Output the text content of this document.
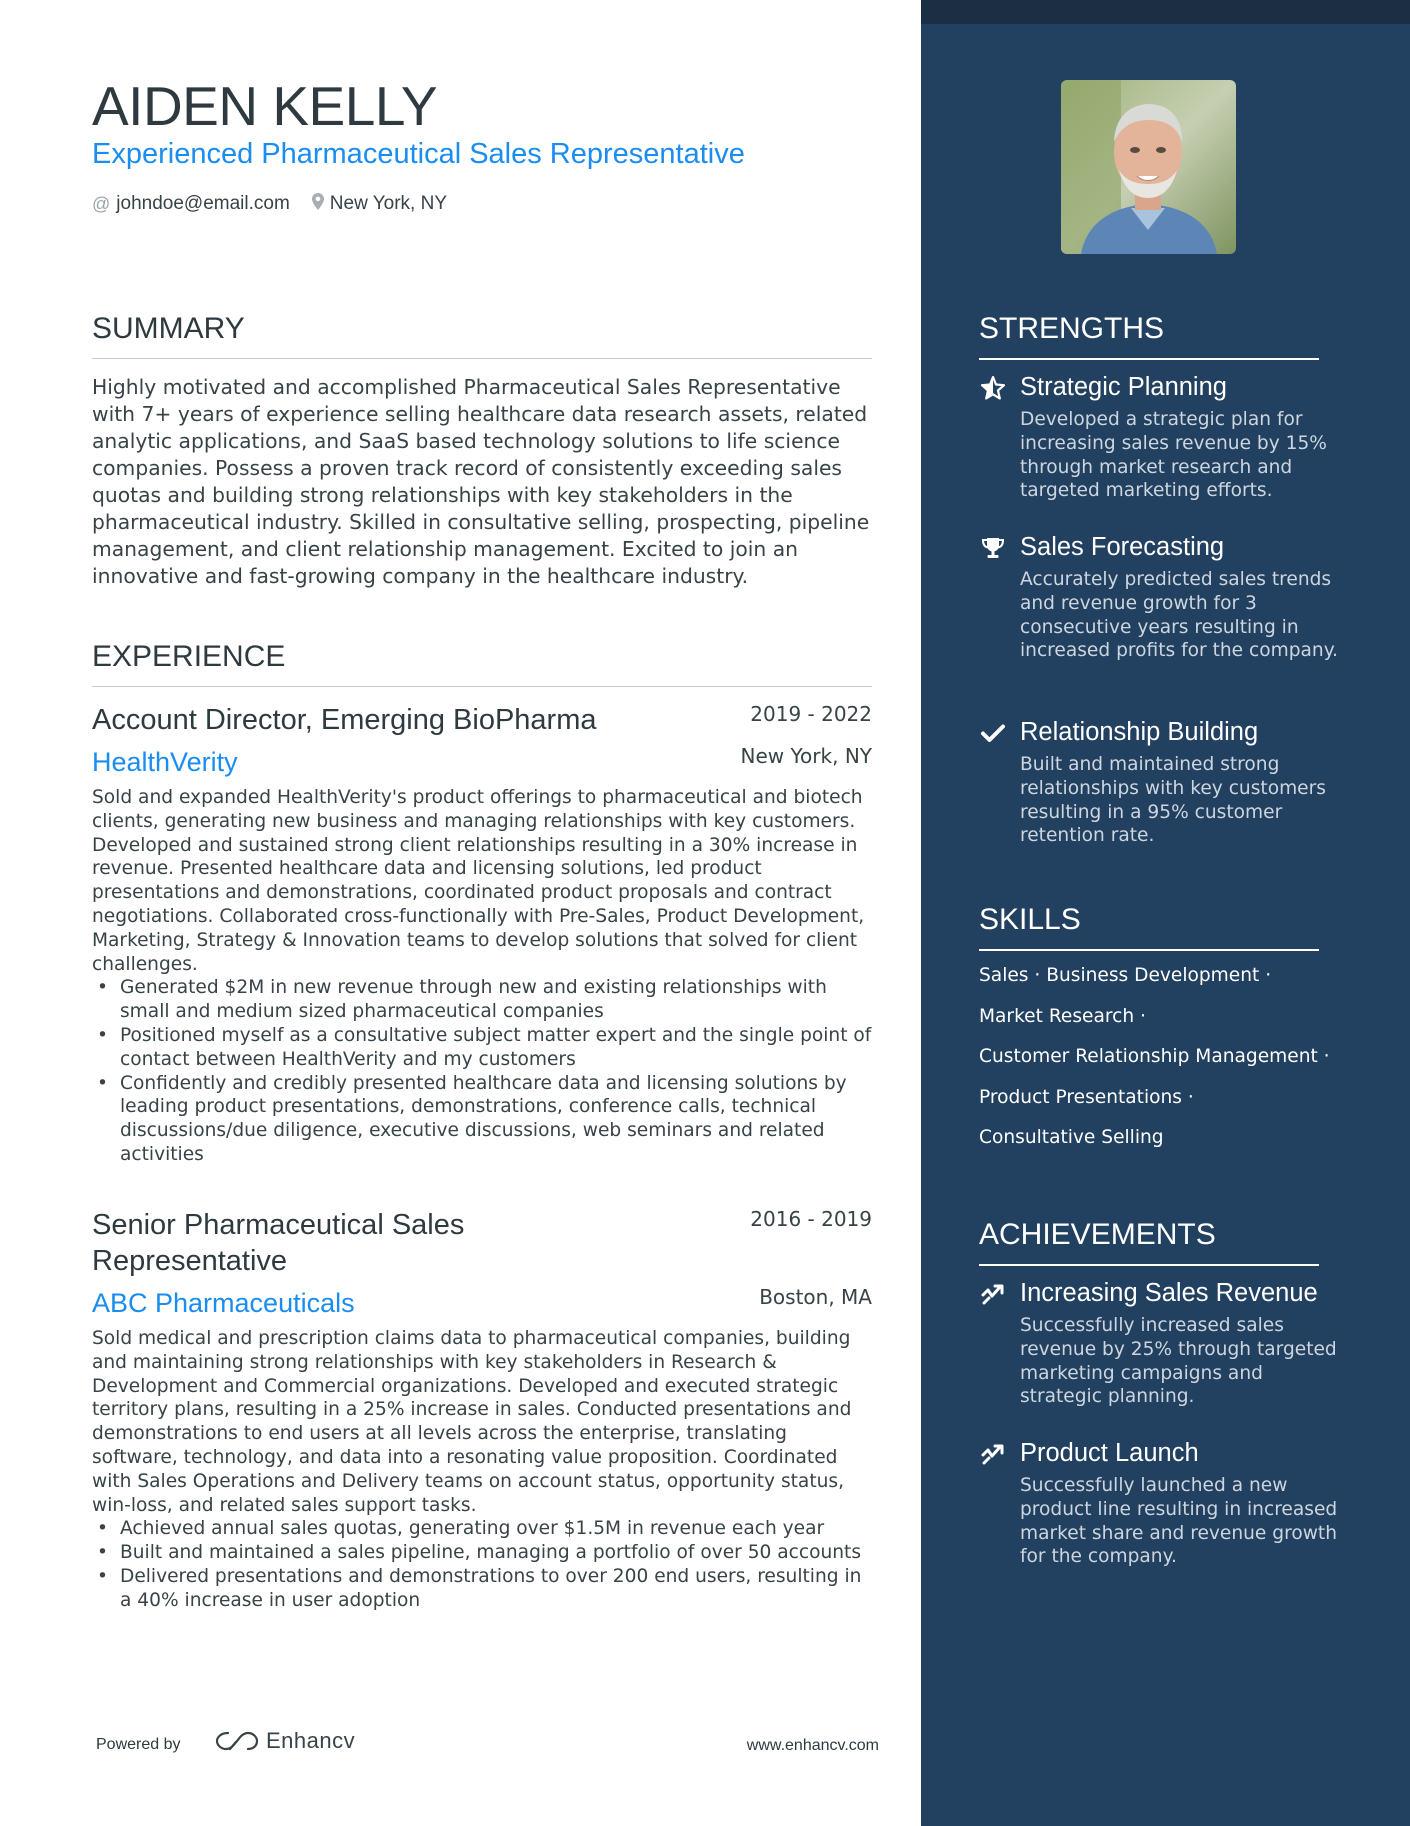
AIDEN KELLY
Experienced Pharmaceutical Sales Representative
@ johndoe@email.com New York, NY
SUMMARY
Highly motivated and accomplished Pharmaceutical Sales Representative with 7+ years of experience selling healthcare data research assets, related analytic applications, and SaaS based technology solutions to life science companies. Possess a proven track record of consistently exceeding sales quotas and building strong relationships with key stakeholders in the pharmaceutical industry. Skilled in consultative selling, prospecting, pipeline management, and client relationship management. Excited to join an innovative and fast-growing company in the healthcare industry.
EXPERIENCE
Account Director, Emerging BioPharma	2019 - 2022
HealthVerity	New York, NY
Sold and expanded HealthVerity's product offerings to pharmaceutical and biotech clients, generating new business and managing relationships with key customers. Developed and sustained strong client relationships resulting in a 30% increase in revenue. Presented healthcare data and licensing solutions, led product presentations and demonstrations, coordinated product proposals and contract negotiations. Collaborated cross-functionally with Pre-Sales, Product Development, Marketing, Strategy & Innovation teams to develop solutions that solved for client challenges.
• Generated $2M in new revenue through new and existing relationships with small and medium sized pharmaceutical companies
• Positioned myself as a consultative subject matter expert and the single point of contact between HealthVerity and my customers
• Confidently and credibly presented healthcare data and licensing solutions by leading product presentations, demonstrations, conference calls, technical discussions/due diligence, executive discussions, web seminars and related activities
Senior Pharmaceutical Sales Representative
2016 - 2019
ABC Pharmaceuticals	Boston, MA
Sold medical and prescription claims data to pharmaceutical companies, building and maintaining strong relationships with key stakeholders in Research & Development and Commercial organizations. Developed and executed strategic territory plans, resulting in a 25% increase in sales. Conducted presentations and demonstrations to end users at all levels across the enterprise, translating software, technology, and data into a resonating value proposition. Coordinated with Sales Operations and Delivery teams on account status, opportunity status, win-loss, and related sales support tasks.
• Achieved annual sales quotas, generating over $1.5M in revenue each year
• Built and maintained a sales pipeline, managing a portfolio of over 50 accounts
• Delivered presentations and demonstrations to over 200 end users, resulting in a 40% increase in user adoption
Powered by	Enhancv	www.enhancv.com
STRENGTHS
Strategic Planning
Developed a strategic plan for increasing sales revenue by 15% through market research and targeted marketing efforts.
Sales Forecasting
Accurately predicted sales trends and revenue growth for 3 consecutive years resulting in increased profits for the company.
Relationship Building
Built and maintained strong relationships with key customers resulting in a 95% customer retention rate.
SKILLS
Sales · Business Development ·
Market Research ·
Customer Relationship Management ·
Product Presentations ·
Consultative Selling
ACHIEVEMENTS
Increasing Sales Revenue
Successfully increased sales revenue by 25% through targeted marketing campaigns and strategic planning.
Product Launch
Successfully launched a new product line resulting in increased market share and revenue growth for the company.
